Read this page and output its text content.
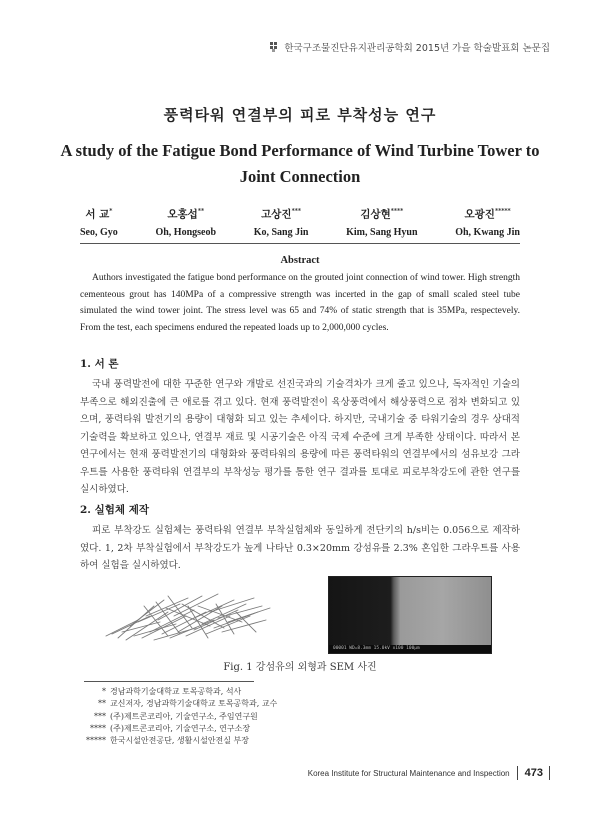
한국구조물진단유지관리공학회 2015년 가을 학술발표회 논문집
풍력타워 연결부의 피로 부착성능 연구
A study of the Fatigue Bond Performance of Wind Turbine Tower to Joint Connection
서 교*
Seo, Gyo
오홍섭**
Oh, Hongseob
고상진***
Ko, Sang Jin
김상현****
Kim, Sang Hyun
오광진*****
Oh, Kwang Jin
Abstract

Authors investigated the fatigue bond performance on the grouted joint connection of wind tower. High strength cementeous grout has 140MPa of a compressive strength was incerted in the gap of small scaled steel tube simulated the wind tower joint. The stress level was 65 and 74% of static strength that is 35MPa, respectevely. From the test, each specimens endured the repeated loads up to 2,000,000 cycles.

1. 서 론

국내 풍력발전에 대한 꾸준한 연구와 개발로 선진국과의 기술격차가 크게 줄고 있으나, 독자적인 기술의 부족으로 해외진출에 큰 애로를 겪고 있다. 현재 풍력발전이 육상풍력에서 해상풍력으로 점차 변화되고 있으며, 풍력타워 발전기의 용량이 대형화 되고 있는 추세이다. 하지만, 국내기술 중 타워기술의 경우 상대적 기술력을 확보하고 있으나, 연결부 재료 및 시공기술은 아직 국제 수준에 크게 부족한 상태이다. 따라서 본 연구에서는 현재 풍력발전기의 대형화와 풍력타워의 용량에 따른 풍력타워의 연결부에서의 섬유보강 그라우트를 사용한 풍력타워 연결부의 부착성능 평가를 통한 연구 결과를 토대로 피로부착강도에 관한 연구를 실시하였다.

2. 실험체 제작

피로 부착강도 실험체는 풍력타워 연결부 부착실험체와 동일하게 전단키의 h/s비는 0.056으로 제작하였다. 1, 2차 부착실험에서 부착강도가 높게 나타난 0.3×20mm 강섬유를 2.3% 혼입한 그라우트를 사용하여 실험을 실시하였다.

00001 WD=8.3mm 15.0kV x100 100µm
Fig. 1 강섬유의 외형과 SEM 사진
* 경남과학기술대학교 토목공학과, 석사
** 교신저자, 경남과학기술대학교 토목공학과, 교수
*** (주)제트콘코리아, 기술연구소, 주임연구원
**** (주)제트콘코리아, 기술연구소, 연구소장
***** 한국시설안전공단, 생활시설안전실 부장
Korea Institute for Structural Maintenance and Inspection 473
